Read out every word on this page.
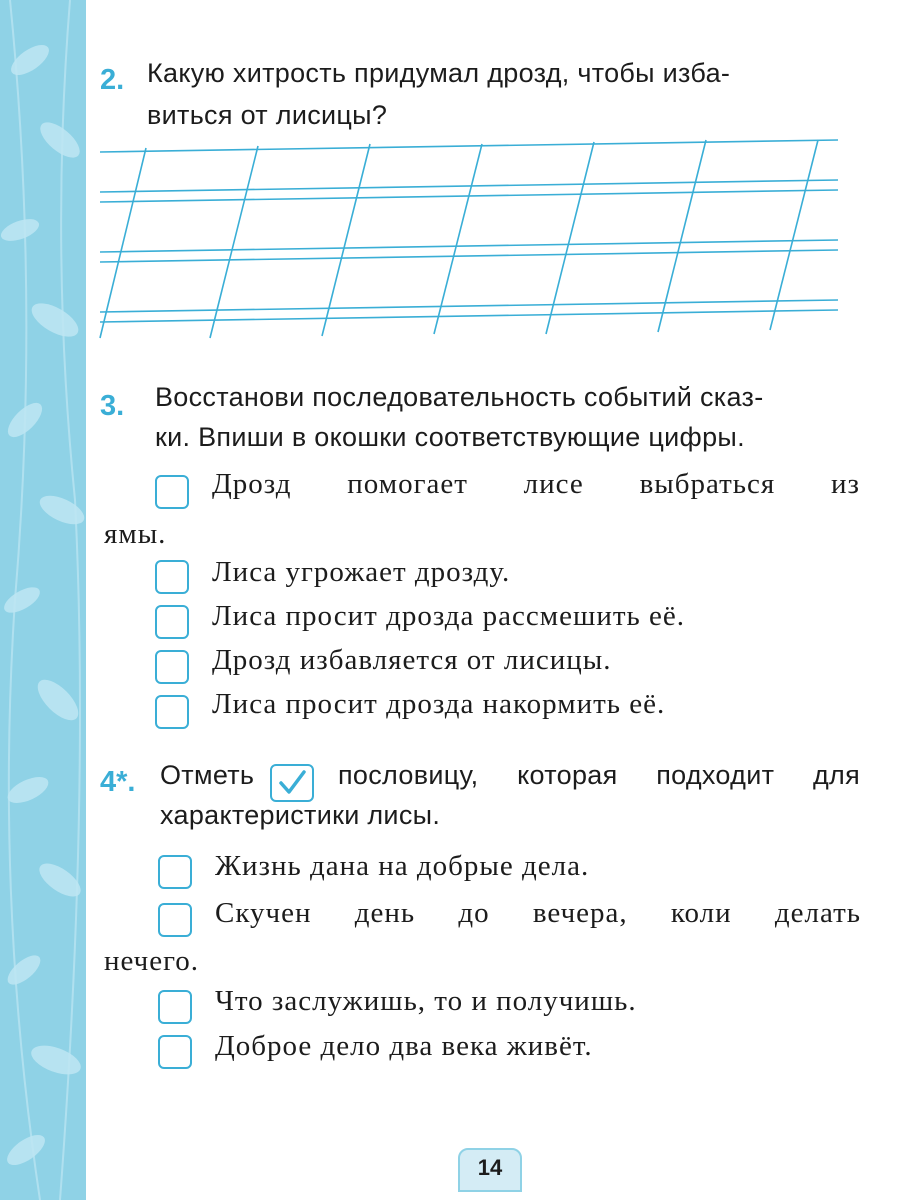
2. Какую хитрость придумал дрозд, чтобы изба-
виться от лисицы?
3. Восстанови последовательность событий сказ-
ки. Впиши в окошки соответствующие цифры.
Дрозд помогает лисе выбраться из
ямы.
Лиса угрожает дрозду.
Лиса просит дрозда рассмешить её.
Дрозд избавляется от лисицы.
Лиса просит дрозда накормить её.
4*. Отметь	пословицу, которая подходит для
характеристики лисы.
Жизнь дана на добрые дела.
Скучен день до вечера, коли делать
нечего.
Что заслужишь, то и получишь.
Доброе дело два века живёт.
14
